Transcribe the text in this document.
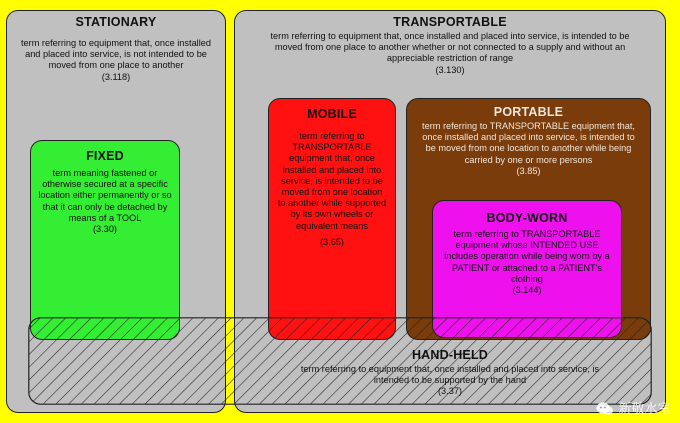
STATIONARY
term referring to equipment that, once installed and placed into service, is not intended to be moved from one place to another
(3.118)
TRANSPORTABLE
term referring to equipment that, once installed and placed into service, is intended to be moved from one place to another whether or not connected to a supply and without an appreciable restriction of range
(3.130)
FIXED
term meaning fastened or otherwise secured at a specific location either permanently or so that it can only be detached by means of a TOOL
(3.30)
MOBILE
term referring to TRANSPORTABLE equipment that, once installed and placed into service, is intended to be moved from one location to another while supported by its own wheels or equivalent means
(3.65)
PORTABLE
term referring to TRANSPORTABLE equipment that, once installed and placed into service, is intended to be moved from one location to another while being carried by one or more persons
(3.85)
BODY-WORN
term referring to TRANSPORTABLE equipment whose INTENDED USE includes operation while being worn by a PATIENT or attached to a PATIENT's clothing
(3.144)
HAND-HELD
term referring to equipment that, once installed and placed into service, is intended to be supported by the hand
(3.37)
新敬水室
